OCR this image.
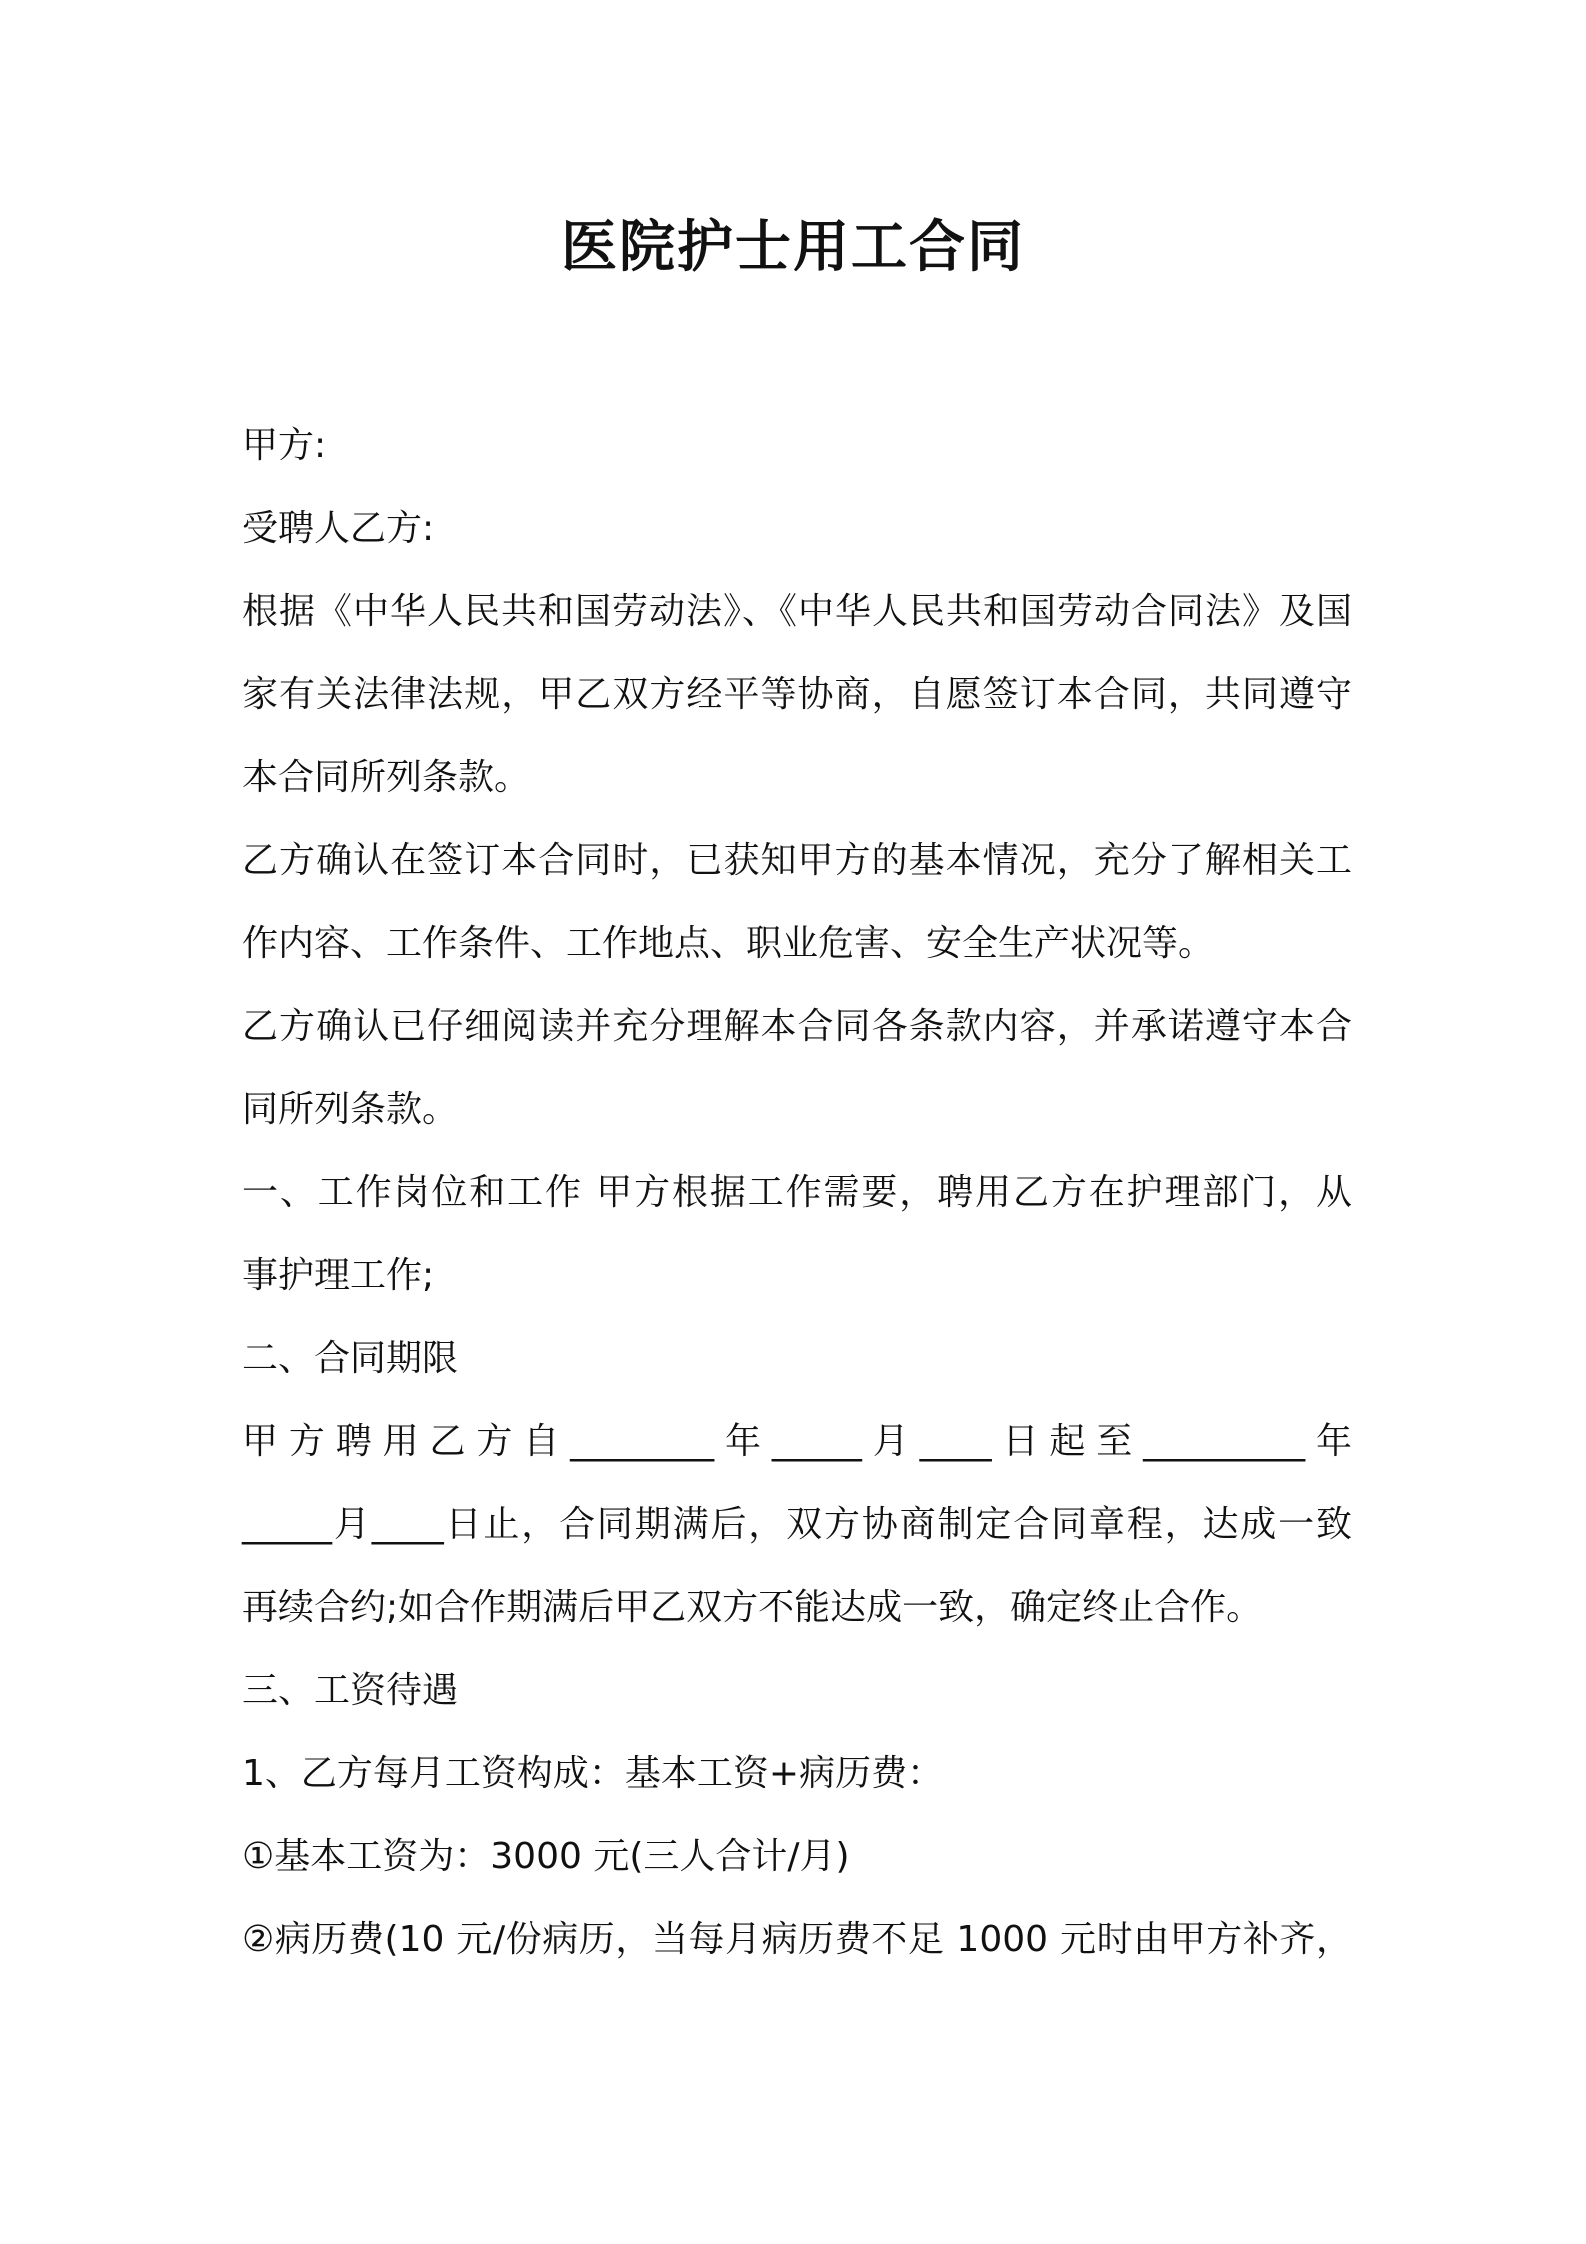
医院护士用工合同
甲方:
受聘人乙方:
根据《中华人民共和国劳动法》、《中华人民共和国劳动合同法》及国
家有关法律法规，甲乙双方经平等协商，自愿签订本合同，共同遵守
本合同所列条款。
乙方确认在签订本合同时，已获知甲方的基本情况，充分了解相关工
作内容、工作条件、工作地点、职业危害、安全生产状况等。
乙方确认已仔细阅读并充分理解本合同各条款内容，并承诺遵守本合
同所列条款。
一、工作岗位和工作 甲方根据工作需要，聘用乙方在护理部门，从
事护理工作;
二、合同期限
甲方聘用乙方自________年_____月____日起至_________年
_____月____日止，合同期满后，双方协商制定合同章程，达成一致
再续合约;如合作期满后甲乙双方不能达成一致，确定终止合作。
三、工资待遇
1、乙方每月工资构成：基本工资+病历费：
①基本工资为：3000 元(三人合计/月)
②病历费(10 元/份病历，当每月病历费不足 1000 元时由甲方补齐，
